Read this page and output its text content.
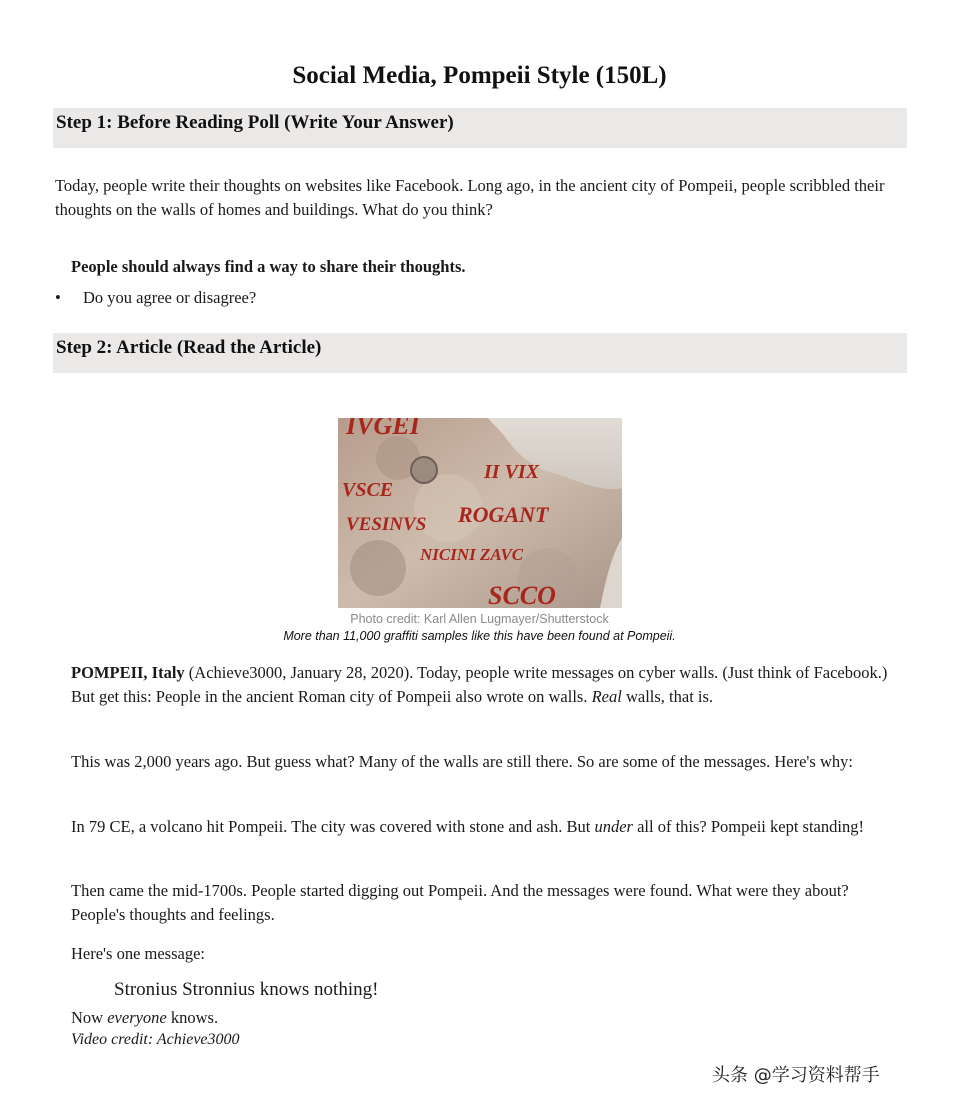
Social Media, Pompeii Style (150L)
Step 1: Before Reading Poll (Write Your Answer)

Today, people write their thoughts on websites like Facebook. Long ago, in the ancient city of Pompeii, people scribbled their thoughts on the walls of homes and buildings. What do you think?

People should always find a way to share their thoughts.

• Do you agree or disagree?

Step 2: Article (Read the Article)
IVGEI
VSCE
II VIX
VESINVS ROGANT
NICINI ZAVC
SCCO

Photo credit: Karl Allen Lugmayer/Shutterstock

More than 11,000 graffiti samples like this have been found at Pompeii.

POMPEII, Italy (Achieve3000, January 28, 2020). Today, people write messages on cyber walls. (Just think of Facebook.) But get this: People in the ancient Roman city of Pompeii also wrote on walls. Real walls, that is.

This was 2,000 years ago. But guess what? Many of the walls are still there. So are some of the messages. Here's why:

In 79 CE, a volcano hit Pompeii. The city was covered with stone and ash. But under all of this? Pompeii kept standing!

Then came the mid-1700s. People started digging out Pompeii. And the messages were found. What were they about? People's thoughts and feelings.

Here's one message:

Stronius Stronnius knows nothing!

Now everyone knows.

Video credit: Achieve3000

头条 @学习资料帮手
